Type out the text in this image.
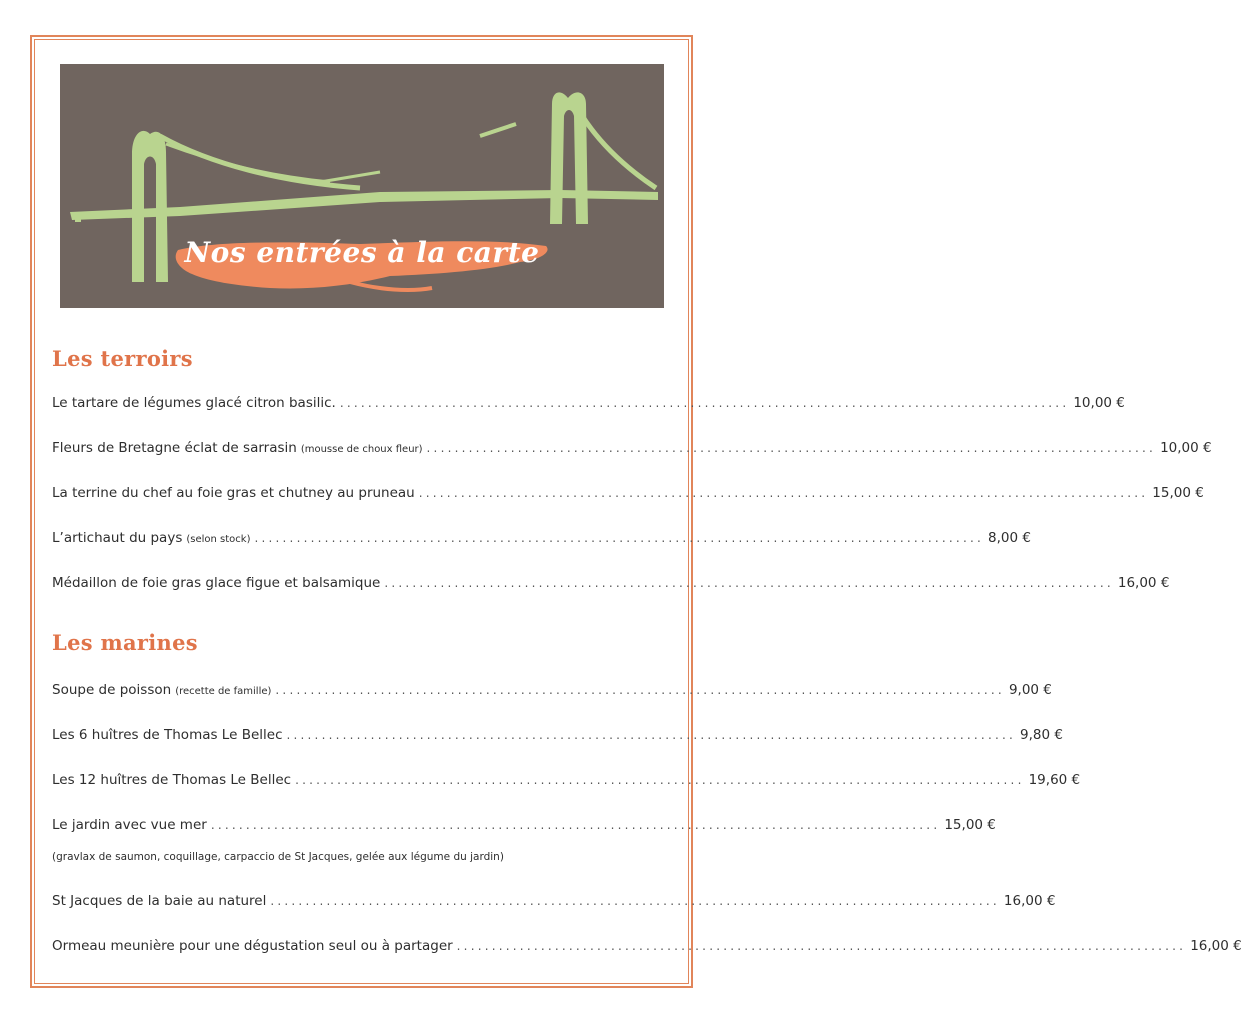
Nos entrées à la carte
Les terroirs
Le tartare de légumes glacé citron basilic. ........................................................................................................ 10,00 €
Fleurs de Bretagne éclat de sarrasin (mousse de choux fleur) ........................................................................................................ 10,00 €
La terrine du chef au foie gras et chutney au pruneau ........................................................................................................ 15,00 €
L’artichaut du pays (selon stock) ........................................................................................................ 8,00 €
Médaillon de foie gras glace figue et balsamique ........................................................................................................ 16,00 €
Les marines
Soupe de poisson (recette de famille) ........................................................................................................ 9,00 €
Les 6 huîtres de Thomas Le Bellec ........................................................................................................ 9,80 €
Les 12 huîtres de Thomas Le Bellec ........................................................................................................ 19,60 €
Le jardin avec vue mer ........................................................................................................ 15,00 €
(gravlax de saumon, coquillage, carpaccio de St Jacques, gelée aux légume du jardin)
St Jacques de la baie au naturel ........................................................................................................ 16,00 €
Ormeau meunière pour une dégustation seul ou à partager ........................................................................................................ 16,00 €
